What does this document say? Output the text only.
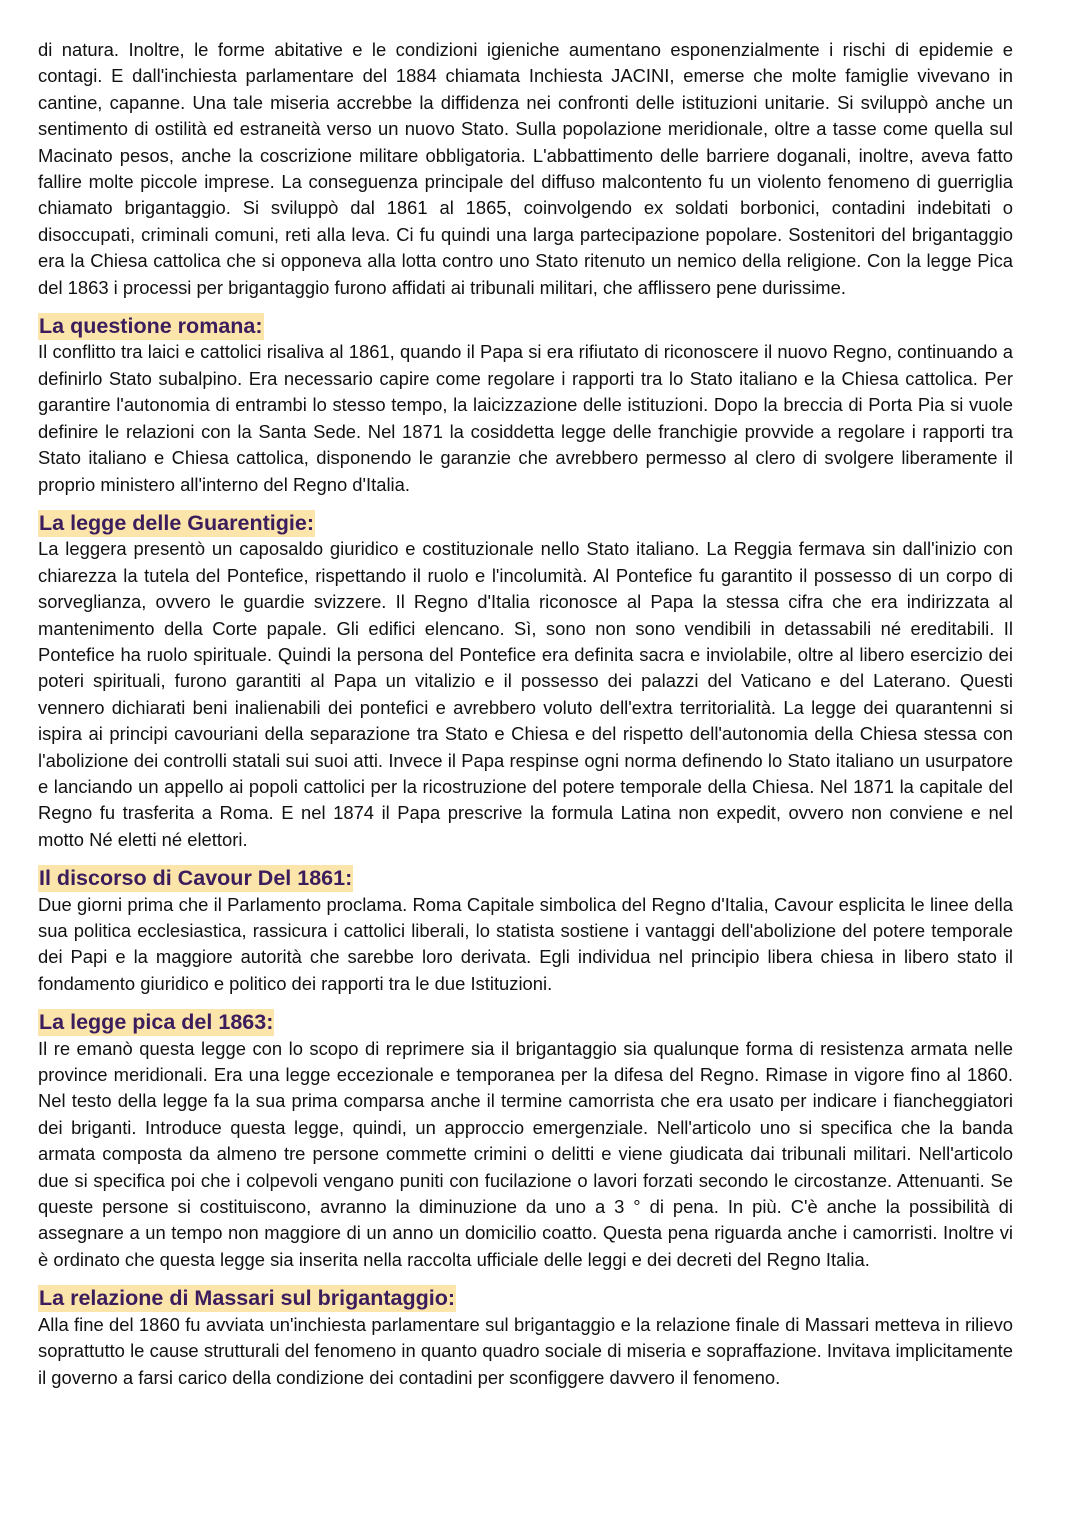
di natura. Inoltre, le forme abitative e le condizioni igieniche aumentano esponenzialmente i rischi di epidemie e contagi. E dall'inchiesta parlamentare del 1884 chiamata Inchiesta JACINI, emerse che molte famiglie vivevano in cantine, capanne. Una tale miseria accrebbe la diffidenza nei confronti delle istituzioni unitarie. Si sviluppò anche un sentimento di ostilità ed estraneità verso un nuovo Stato. Sulla popolazione meridionale, oltre a tasse come quella sul Macinato pesos, anche la coscrizione militare obbligatoria. L'abbattimento delle barriere doganali, inoltre, aveva fatto fallire molte piccole imprese. La conseguenza principale del diffuso malcontento fu un violento fenomeno di guerriglia chiamato brigantaggio. Si sviluppò dal 1861 al 1865, coinvolgendo ex soldati borbonici, contadini indebitati o disoccupati, criminali comuni, reti alla leva. Ci fu quindi una larga partecipazione popolare. Sostenitori del brigantaggio era la Chiesa cattolica che si opponeva alla lotta contro uno Stato ritenuto un nemico della religione. Con la legge Pica del 1863 i processi per brigantaggio furono affidati ai tribunali militari, che afflissero pene durissime.

La questione romana:

Il conflitto tra laici e cattolici risaliva al 1861, quando il Papa si era rifiutato di riconoscere il nuovo Regno, continuando a definirlo Stato subalpino. Era necessario capire come regolare i rapporti tra lo Stato italiano e la Chiesa cattolica. Per garantire l'autonomia di entrambi lo stesso tempo, la laicizzazione delle istituzioni. Dopo la breccia di Porta Pia si vuole definire le relazioni con la Santa Sede. Nel 1871 la cosiddetta legge delle franchigie provvide a regolare i rapporti tra Stato italiano e Chiesa cattolica, disponendo le garanzie che avrebbero permesso al clero di svolgere liberamente il proprio ministero all'interno del Regno d'Italia.

La legge delle Guarentigie:

La leggera presentò un caposaldo giuridico e costituzionale nello Stato italiano. La Reggia fermava sin dall'inizio con chiarezza la tutela del Pontefice, rispettando il ruolo e l'incolumità. Al Pontefice fu garantito il possesso di un corpo di sorveglianza, ovvero le guardie svizzere. Il Regno d'Italia riconosce al Papa la stessa cifra che era indirizzata al mantenimento della Corte papale. Gli edifici elencano. Sì, sono non sono vendibili in detassabili né ereditabili. Il Pontefice ha ruolo spirituale. Quindi la persona del Pontefice era definita sacra e inviolabile, oltre al libero esercizio dei poteri spirituali, furono garantiti al Papa un vitalizio e il possesso dei palazzi del Vaticano e del Laterano. Questi vennero dichiarati beni inalienabili dei pontefici e avrebbero voluto dell'extra territorialità. La legge dei quarantenni si ispira ai principi cavouriani della separazione tra Stato e Chiesa e del rispetto dell'autonomia della Chiesa stessa con l'abolizione dei controlli statali sui suoi atti. Invece il Papa respinse ogni norma definendo lo Stato italiano un usurpatore e lanciando un appello ai popoli cattolici per la ricostruzione del potere temporale della Chiesa. Nel 1871 la capitale del Regno fu trasferita a Roma. E nel 1874 il Papa prescrive la formula Latina non expedit, ovvero non conviene e nel motto Né eletti né elettori.

Il discorso di Cavour Del 1861:

Due giorni prima che il Parlamento proclama. Roma Capitale simbolica del Regno d'Italia, Cavour esplicita le linee della sua politica ecclesiastica, rassicura i cattolici liberali, lo statista sostiene i vantaggi dell'abolizione del potere temporale dei Papi e la maggiore autorità che sarebbe loro derivata. Egli individua nel principio libera chiesa in libero stato il fondamento giuridico e politico dei rapporti tra le due Istituzioni.

La legge pica del 1863:

Il re emanò questa legge con lo scopo di reprimere sia il brigantaggio sia qualunque forma di resistenza armata nelle province meridionali. Era una legge eccezionale e temporanea per la difesa del Regno. Rimase in vigore fino al 1860. Nel testo della legge fa la sua prima comparsa anche il termine camorrista che era usato per indicare i fiancheggiatori dei briganti. Introduce questa legge, quindi, un approccio emergenziale. Nell'articolo uno si specifica che la banda armata composta da almeno tre persone commette crimini o delitti e viene giudicata dai tribunali militari. Nell'articolo due si specifica poi che i colpevoli vengano puniti con fucilazione o lavori forzati secondo le circostanze. Attenuanti. Se queste persone si costituiscono, avranno la diminuzione da uno a 3 ° di pena. In più. C'è anche la possibilità di assegnare a un tempo non maggiore di un anno un domicilio coatto. Questa pena riguarda anche i camorristi. Inoltre vi è ordinato che questa legge sia inserita nella raccolta ufficiale delle leggi e dei decreti del Regno Italia.

La relazione di Massari sul brigantaggio:

Alla fine del 1860 fu avviata un'inchiesta parlamentare sul brigantaggio e la relazione finale di Massari metteva in rilievo soprattutto le cause strutturali del fenomeno in quanto quadro sociale di miseria e sopraffazione. Invitava implicitamente il governo a farsi carico della condizione dei contadini per sconfiggere davvero il fenomeno.
